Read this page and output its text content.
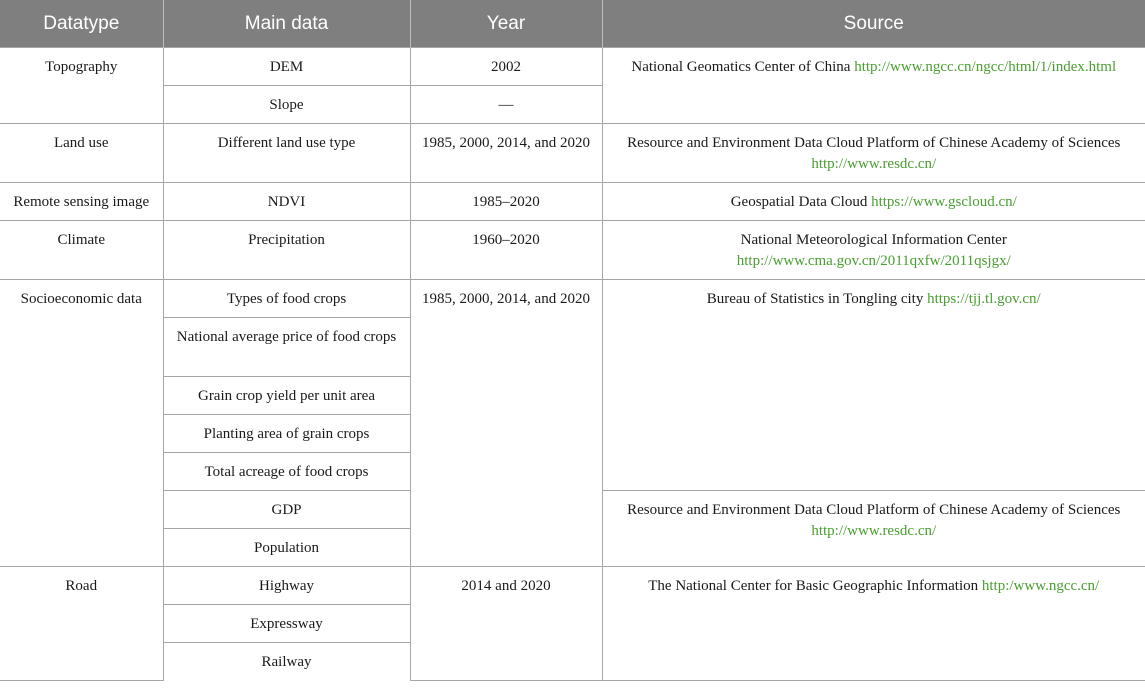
Datatype	Main data	Year	Source
Topography	DEM	2002	National Geomatics Center of China http://www.ngcc.cn/ngcc/html/1/index.html
	Slope	—	
Land use	Different land use type	1985, 2000, 2014, and 2020	Resource and Environment Data Cloud Platform of Chinese Academy of Sciences http://www.resdc.cn/
Remote sensing image	NDVI	1985–2020	Geospatial Data Cloud https://www.gscloud.cn/
Climate	Precipitation	1960–2020	National Meteorological Information Center http://www.cma.gov.cn/2011qxfw/2011qsjgx/
Socioeconomic data	Types of food crops	1985, 2000, 2014, and 2020	Bureau of Statistics in Tongling city https://tjj.tl.gov.cn/
	National average price of food crops		
	Grain crop yield per unit area		
	Planting area of grain crops		
	Total acreage of food crops		
	GDP		Resource and Environment Data Cloud Platform of Chinese Academy of Sciences http://www.resdc.cn/
	Population		
Road	Highway	2014 and 2020	The National Center for Basic Geographic Information http:/www.ngcc.cn/
	Expressway		
	Railway		
